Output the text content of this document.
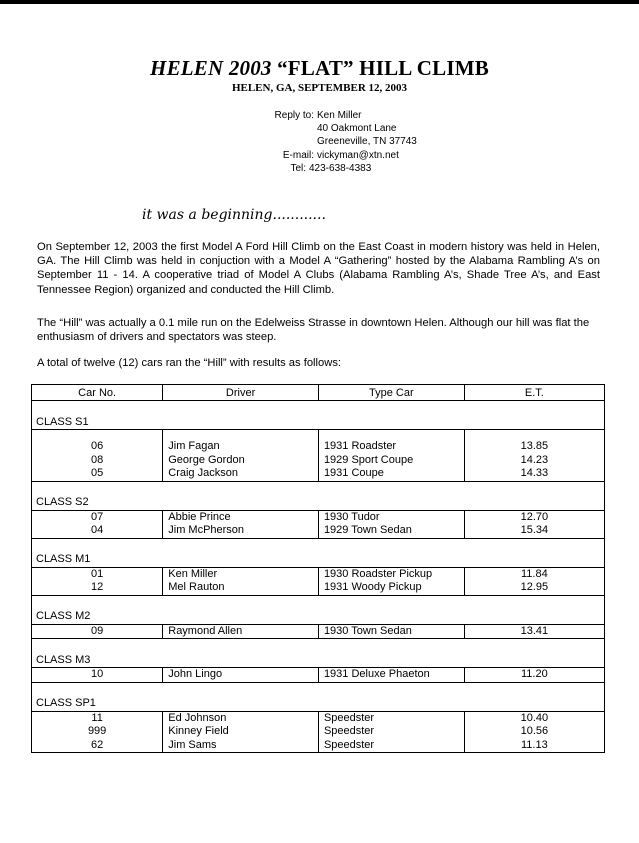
HELEN 2003 “FLAT” HILL CLIMB
HELEN, GA, SEPTEMBER 12, 2003
Reply to: Ken Miller
40 Oakmont Lane
Greeneville, TN 37743
E-mail: vickyman@xtn.net
Tel: 423-638-4383
it was a beginning............
On September 12, 2003 the first Model A Ford Hill Climb on the East Coast in modern history was held in Helen, GA. The Hill Climb was held in conjuction with a Model A “Gathering” hosted by the Alabama Rambling A’s on September 11 - 14. A cooperative triad of Model A Clubs (Alabama Rambling A’s, Shade Tree A’s, and East Tennessee Region) organized and conducted the Hill Climb.
The “Hill” was actually a 0.1 mile run on the Edelweiss Strasse in downtown Helen. Although our hill was flat the enthusiasm of drivers and spectators was steep.
A total of twelve (12) cars ran the “Hill” with results as follows:
Car No.	Driver	Type Car	E.T.
CLASS S1			

06	Jim Fagan	1931 Roadster	13.85
08	George Gordon	1929 Sport Coupe	14.23
05	Craig Jackson	1931 Coupe	14.33
CLASS S2			
07	Abbie Prince	1930 Tudor	12.70
04	Jim McPherson	1929 Town Sedan	15.34
CLASS M1			
01	Ken Miller	1930 Roadster Pickup	11.84
12	Mel Rauton	1931 Woody Pickup	12.95
CLASS M2			
09	Raymond Allen	1930 Town Sedan	13.41
CLASS M3			
10	John Lingo	1931 Deluxe Phaeton	11.20
CLASS SP1			
11	Ed Johnson	Speedster	10.40
999	Kinney Field	Speedster	10.56
62	Jim Sams	Speedster	11.13
